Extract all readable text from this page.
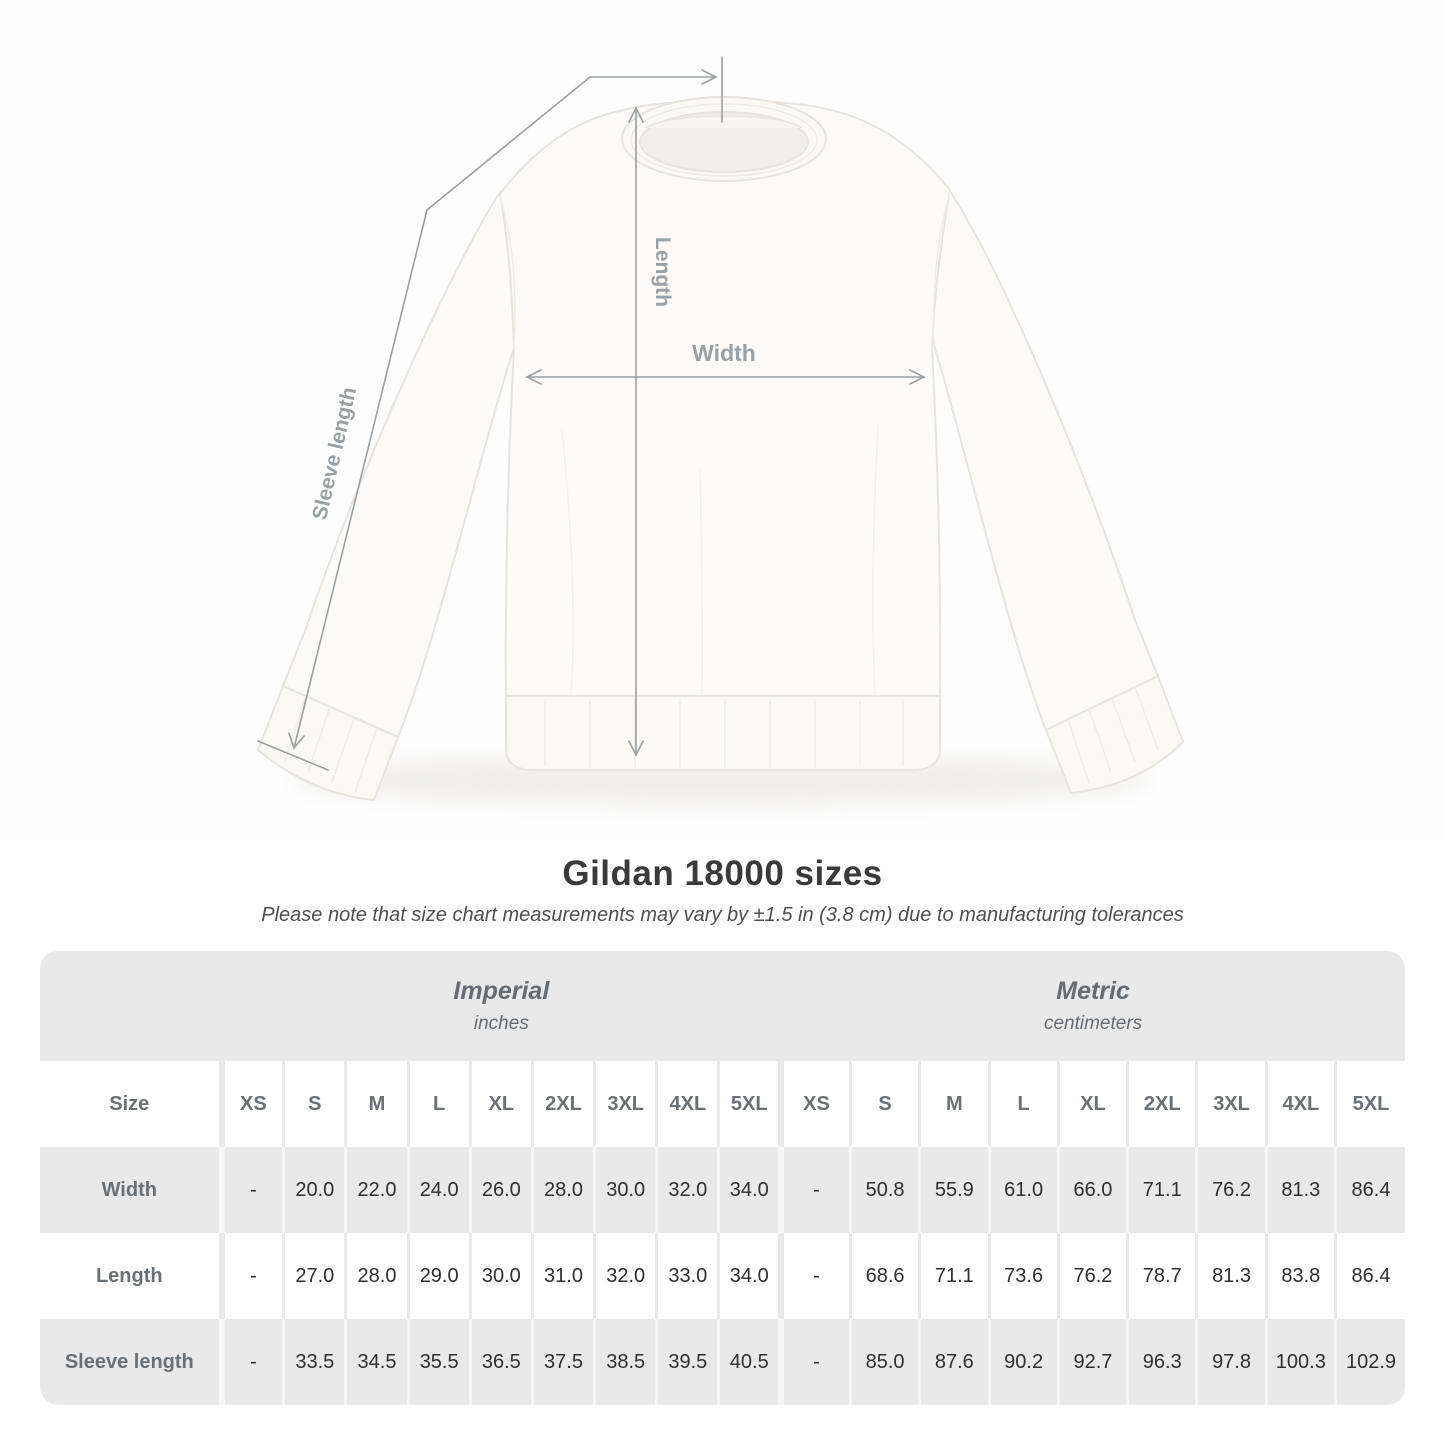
Length
Width
Sleeve length
Gildan 18000 sizes

Please note that size chart measurements may vary by ±1.5 in (3.8 cm) due to manufacturing tolerances

Imperial
inches
Metric
centimeters
Size	XS	S	M	L	XL	2XL	3XL	4XL	5XL	XS	S	M	L	XL	2XL	3XL	4XL	5XL
Width	-	20.0	22.0	24.0	26.0	28.0	30.0	32.0	34.0	-	50.8	55.9	61.0	66.0	71.1	76.2	81.3	86.4
Length	-	27.0	28.0	29.0	30.0	31.0	32.0	33.0	34.0	-	68.6	71.1	73.6	76.2	78.7	81.3	83.8	86.4
Sleeve length	-	33.5	34.5	35.5	36.5	37.5	38.5	39.5	40.5	-	85.0	87.6	90.2	92.7	96.3	97.8	100.3	102.9
